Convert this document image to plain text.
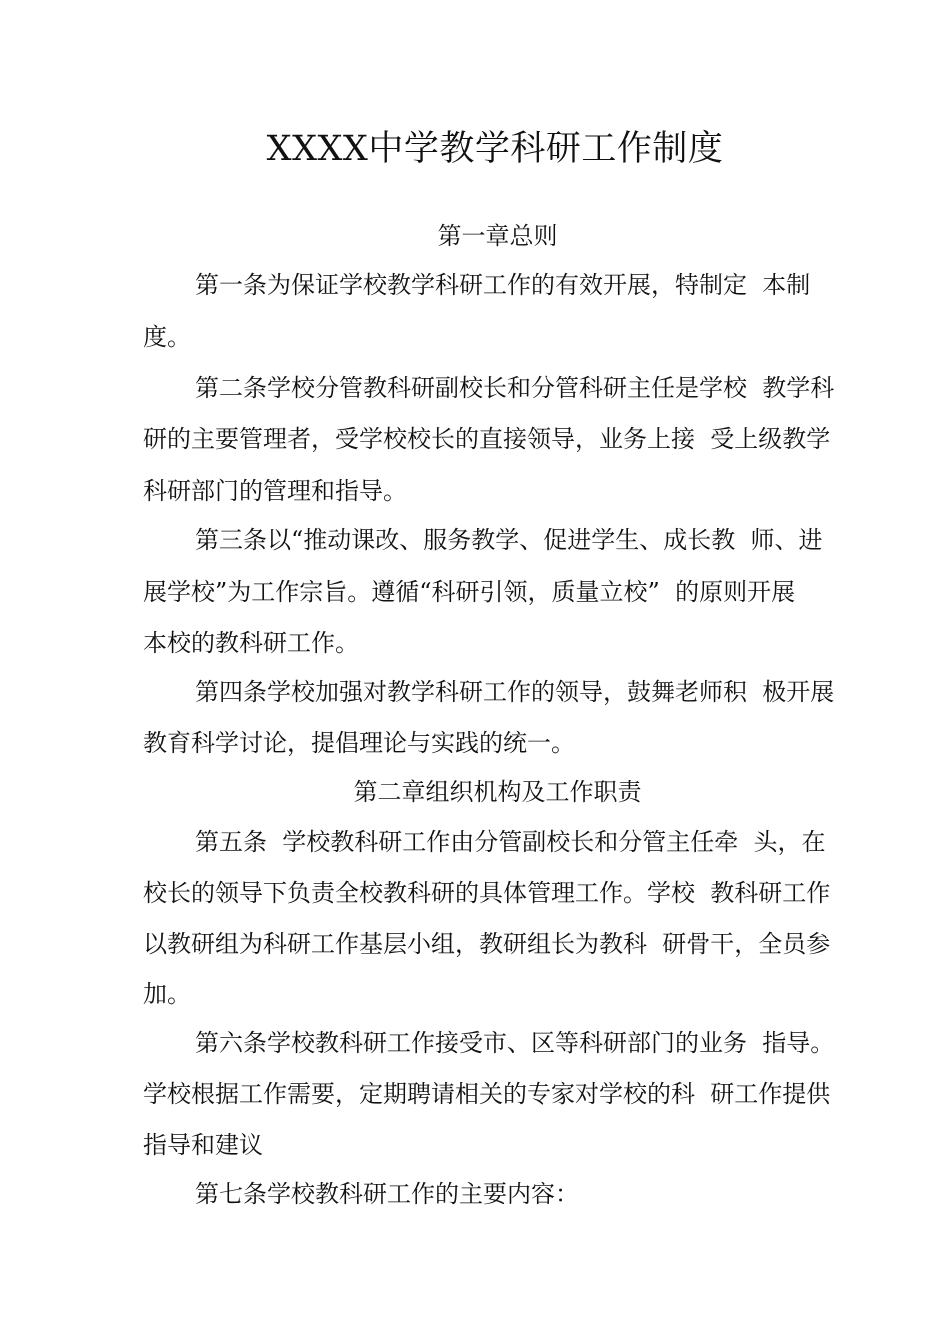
XXXX中学教学科研工作制度
第一章总则
第一条为保证学校教学科研工作的有效开展，特制定  本制
度。
第二条学校分管教科研副校长和分管科研主任是学校  教学科
研的主要管理者，受学校校长的直接领导，业务上接  受上级教学
科研部门的管理和指导。
第三条以“推动课改、服务教学、促进学生、成长教  师、进
展学校”为工作宗旨。遵循“科研引领，质量立校”  的原则开展
本校的教科研工作。
第四条学校加强对教学科研工作的领导，鼓舞老师积  极开展
教育科学讨论，提倡理论与实践的统一。
第二章组织机构及工作职责
第五条  学校教科研工作由分管副校长和分管主任牵  头，在
校长的领导下负责全校教科研的具体管理工作。学校  教科研工作
以教研组为科研工作基层小组，教研组长为教科  研骨干，全员参
加。
第六条学校教科研工作接受市、区等科研部门的业务  指导。
学校根据工作需要，定期聘请相关的专家对学校的科  研工作提供
指导和建议
第七条学校教科研工作的主要内容：
